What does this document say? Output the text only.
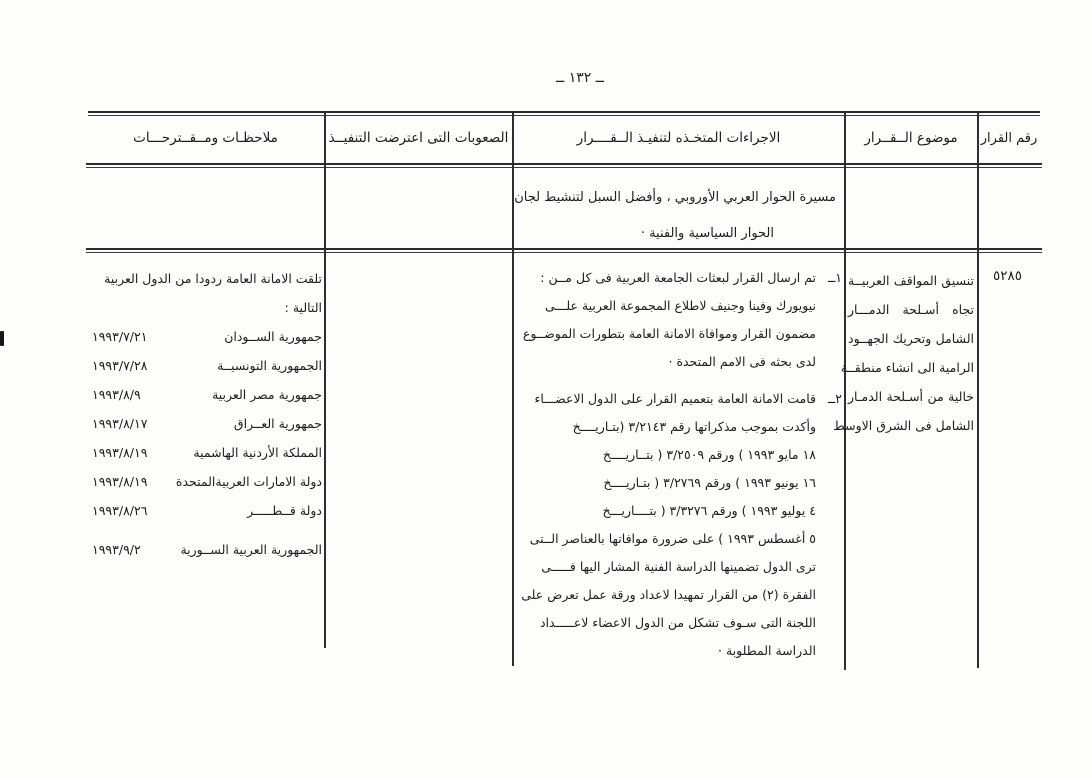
ــ ١٣٢ ــ
رقم القرار
موضوع الــقــرار
الاجراءات المتخـذه لتنفيـذ الــقــــرار
الصعوبات التى اعترضت التنفيــذ
ملاحظـات ومــقــترحـــات
مسيرة الحوار العربي الأوروبي ، وأفضل السبل لتنشيط لجان
الحوار السياسية والفنية ·
٥٢٨٥
تنسيق المواقف العربيــة
تجاه أسـلحة الدمـــار
الشامل وتحريك الجهــود
الرامية الى انشاء منطقــة
خالية من أسـلحة الدمـار
الشامل فى الشرق الاوسط
١ــ
تم ارسال القرار لبعثات الجامعة العربية فى كل مــن :
نيويورك وفينا وجنيف لاطلاع المجموعة العربية علـــى
مضمون القرار وموافاة الامانة العامة بتطورات الموضــوع
لدى بحثه فى الامم المتحدة ·
٢ــ
قامت الامانة العامة بتعميم القرار على الدول الاعضـــاء
وأكدت بموجب مذكراتها رقم ٣/٢١٤٣ (بتـاريــــخ
١٨ مايو ١٩٩٣ ) ورقم ٣/٢٥٠٩ ( بتــاريــــخ
١٦ يونيو ١٩٩٣ ) ورقم ٣/٢٧٦٩ ( بتـاريــــخ
٤ يوليو ١٩٩٣ ) ورقم ٣/٣٢٧٦ ( بتــــاريـــخ
٥ أغسطس ١٩٩٣ ) على ضرورة موافاتها بالعناصر الــتى
ترى الدول تضمينها الدراسة الفنية المشار اليها فـــــى
الفقرة (٢) من القرار تمهيدا لاعداد ورقة عمل تعرض على
اللجنة التى سـوف تشكل من الدول الاعضاء لاعـــــداد
الدراسة المطلوبة ·
تلقت الامانة العامة ردودا من الدول العربية
التالية :
جمهورية الســودان
١٩٩٣/٧/٢١
الجمهورية التونسيــة
١٩٩٣/٧/٢٨
جمهورية مصر العربية
١٩٩٣/٨/٩
جمهورية العــراق
١٩٩٣/٨/١٧
المملكة الأردنية الهاشمية
١٩٩٣/٨/١٩
دولة الامارات العربيةالمتحدة
١٩٩٣/٨/١٩
دولة قــطـــــر
١٩٩٣/٨/٢٦
الجمهورية العربية الســورية
١٩٩٣/٩/٢
